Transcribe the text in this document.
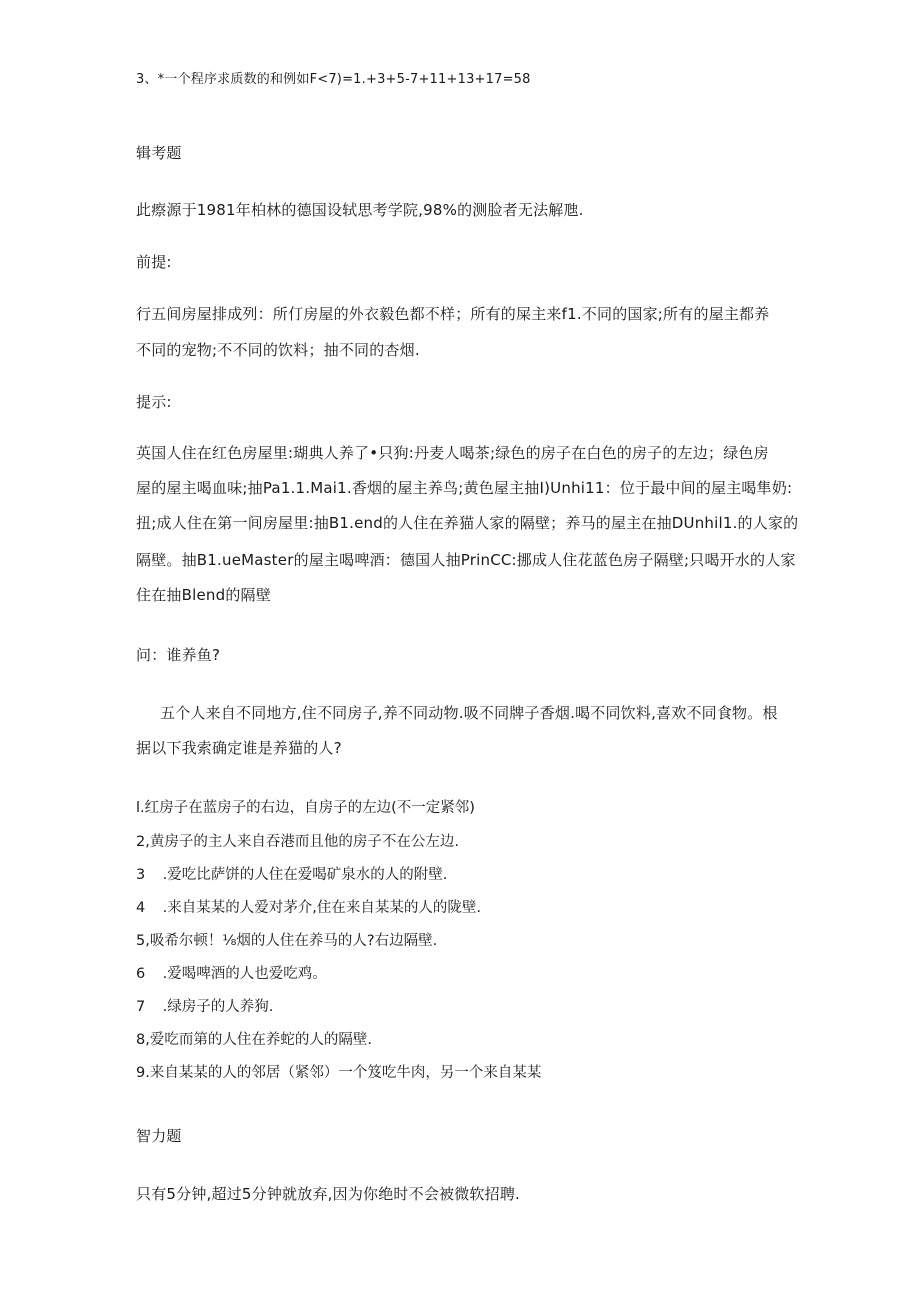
3、*一个程序求质数的和例如F<7)=1.+3+5-7+11+13+17=58
辑考题
此瘵源于1981年柏林的德国设轼思考学院,98%的测脸者无法解虺.
前提:
行五间房屋排成列：所仃房屋的外衣毅色都不样；所有的屎主来f1.不同的国家;所有的屋主都养
不同的宠物;不不同的饮料；抽不同的杏烟.
提示:
英国人住在红色房屋里:瑚典人养了•只狗:丹麦人喝茶;绿色的房子在白色的房子的左边；绿色房
屋的屋主喝血味;抽Pa1.1.Mai1.香烟的屋主养鸟;黄色屋主抽I)Unhi11：位于最中间的屋主喝隼奶:
扭;成人住在第一间房屋里:抽B1.end的人住在养猫人家的隔壁；养马的屋主在抽DUnhil1.的人家的
隔壁。抽B1.ueMaster的屋主喝啤酒：德国人抽PrinCC:挪成人住花蓝色房子隔壁;只喝开水的人家
住在抽Blend的隔壁
问：谁养鱼?
五个人来自不同地方,住不同房子,养不同动物.吸不同牌子香烟.喝不同饮料,喜欢不同食物。根
据以下我索确定谁是养猫的人?
l.红房子在蓝房子的右边，自房子的左边(不一定紧邻)
2,黄房子的主人来自吞港而且他的房子不在公左边.
3 .爱吃比萨饼的人住在爱喝矿泉水的人的附壁.
4 .来自某某的人爱对茅介,住在来自某某的人的陇壁.
5,吸希尔顿！⅛烟的人住在养马的人?右边隔壁.
6 .爱喝啤酒的人也爱吃鸡。
7 .绿房子的人养狗.
8,爱吃而第的人住在养蛇的人的隔壁.
9.来自某某的人的邻居（紧邻）一个笈吃牛肉，另一个来自某某
智力题
只有5分钟,超过5分钟就放弃,因为你绝时不会被微软招聘.
